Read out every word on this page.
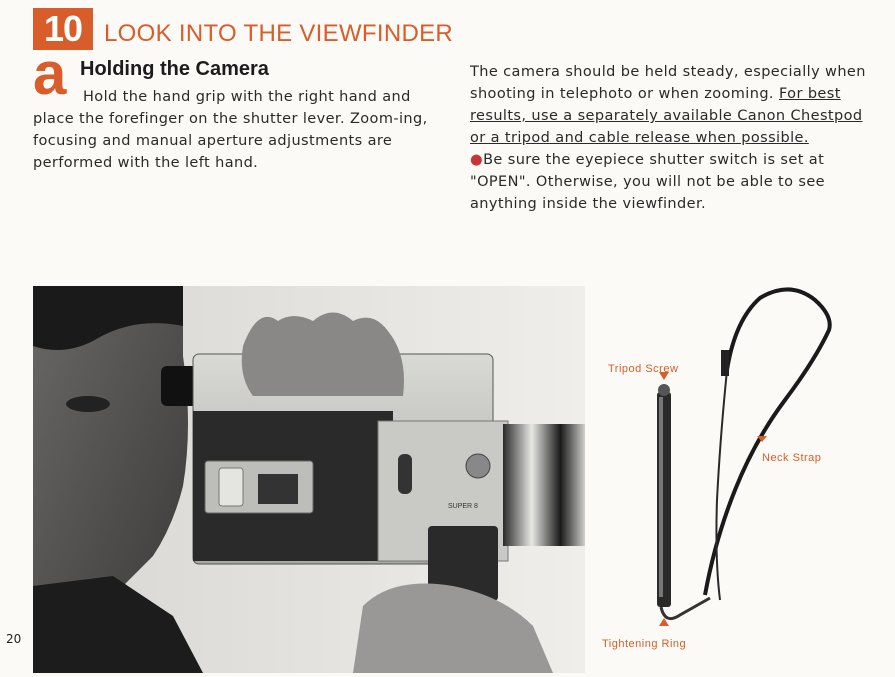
10 LOOK INTO THE VIEWFINDER
a Holding the Camera

Hold the hand grip with the right hand and place the forefinger on the shutter lever. Zoom-ing, focusing and manual aperture adjustments are performed with the left hand.

The camera should be held steady, especially when shooting in telephoto or when zooming. For best results, use a separately available Canon Chestpod or a tripod and cable release when possible.

●Be sure the eyepiece shutter switch is set at "OPEN". Otherwise, you will not be able to see anything inside the viewfinder.

SUPER 8
Tripod Screw
Neck Strap
Tightening Ring
20
